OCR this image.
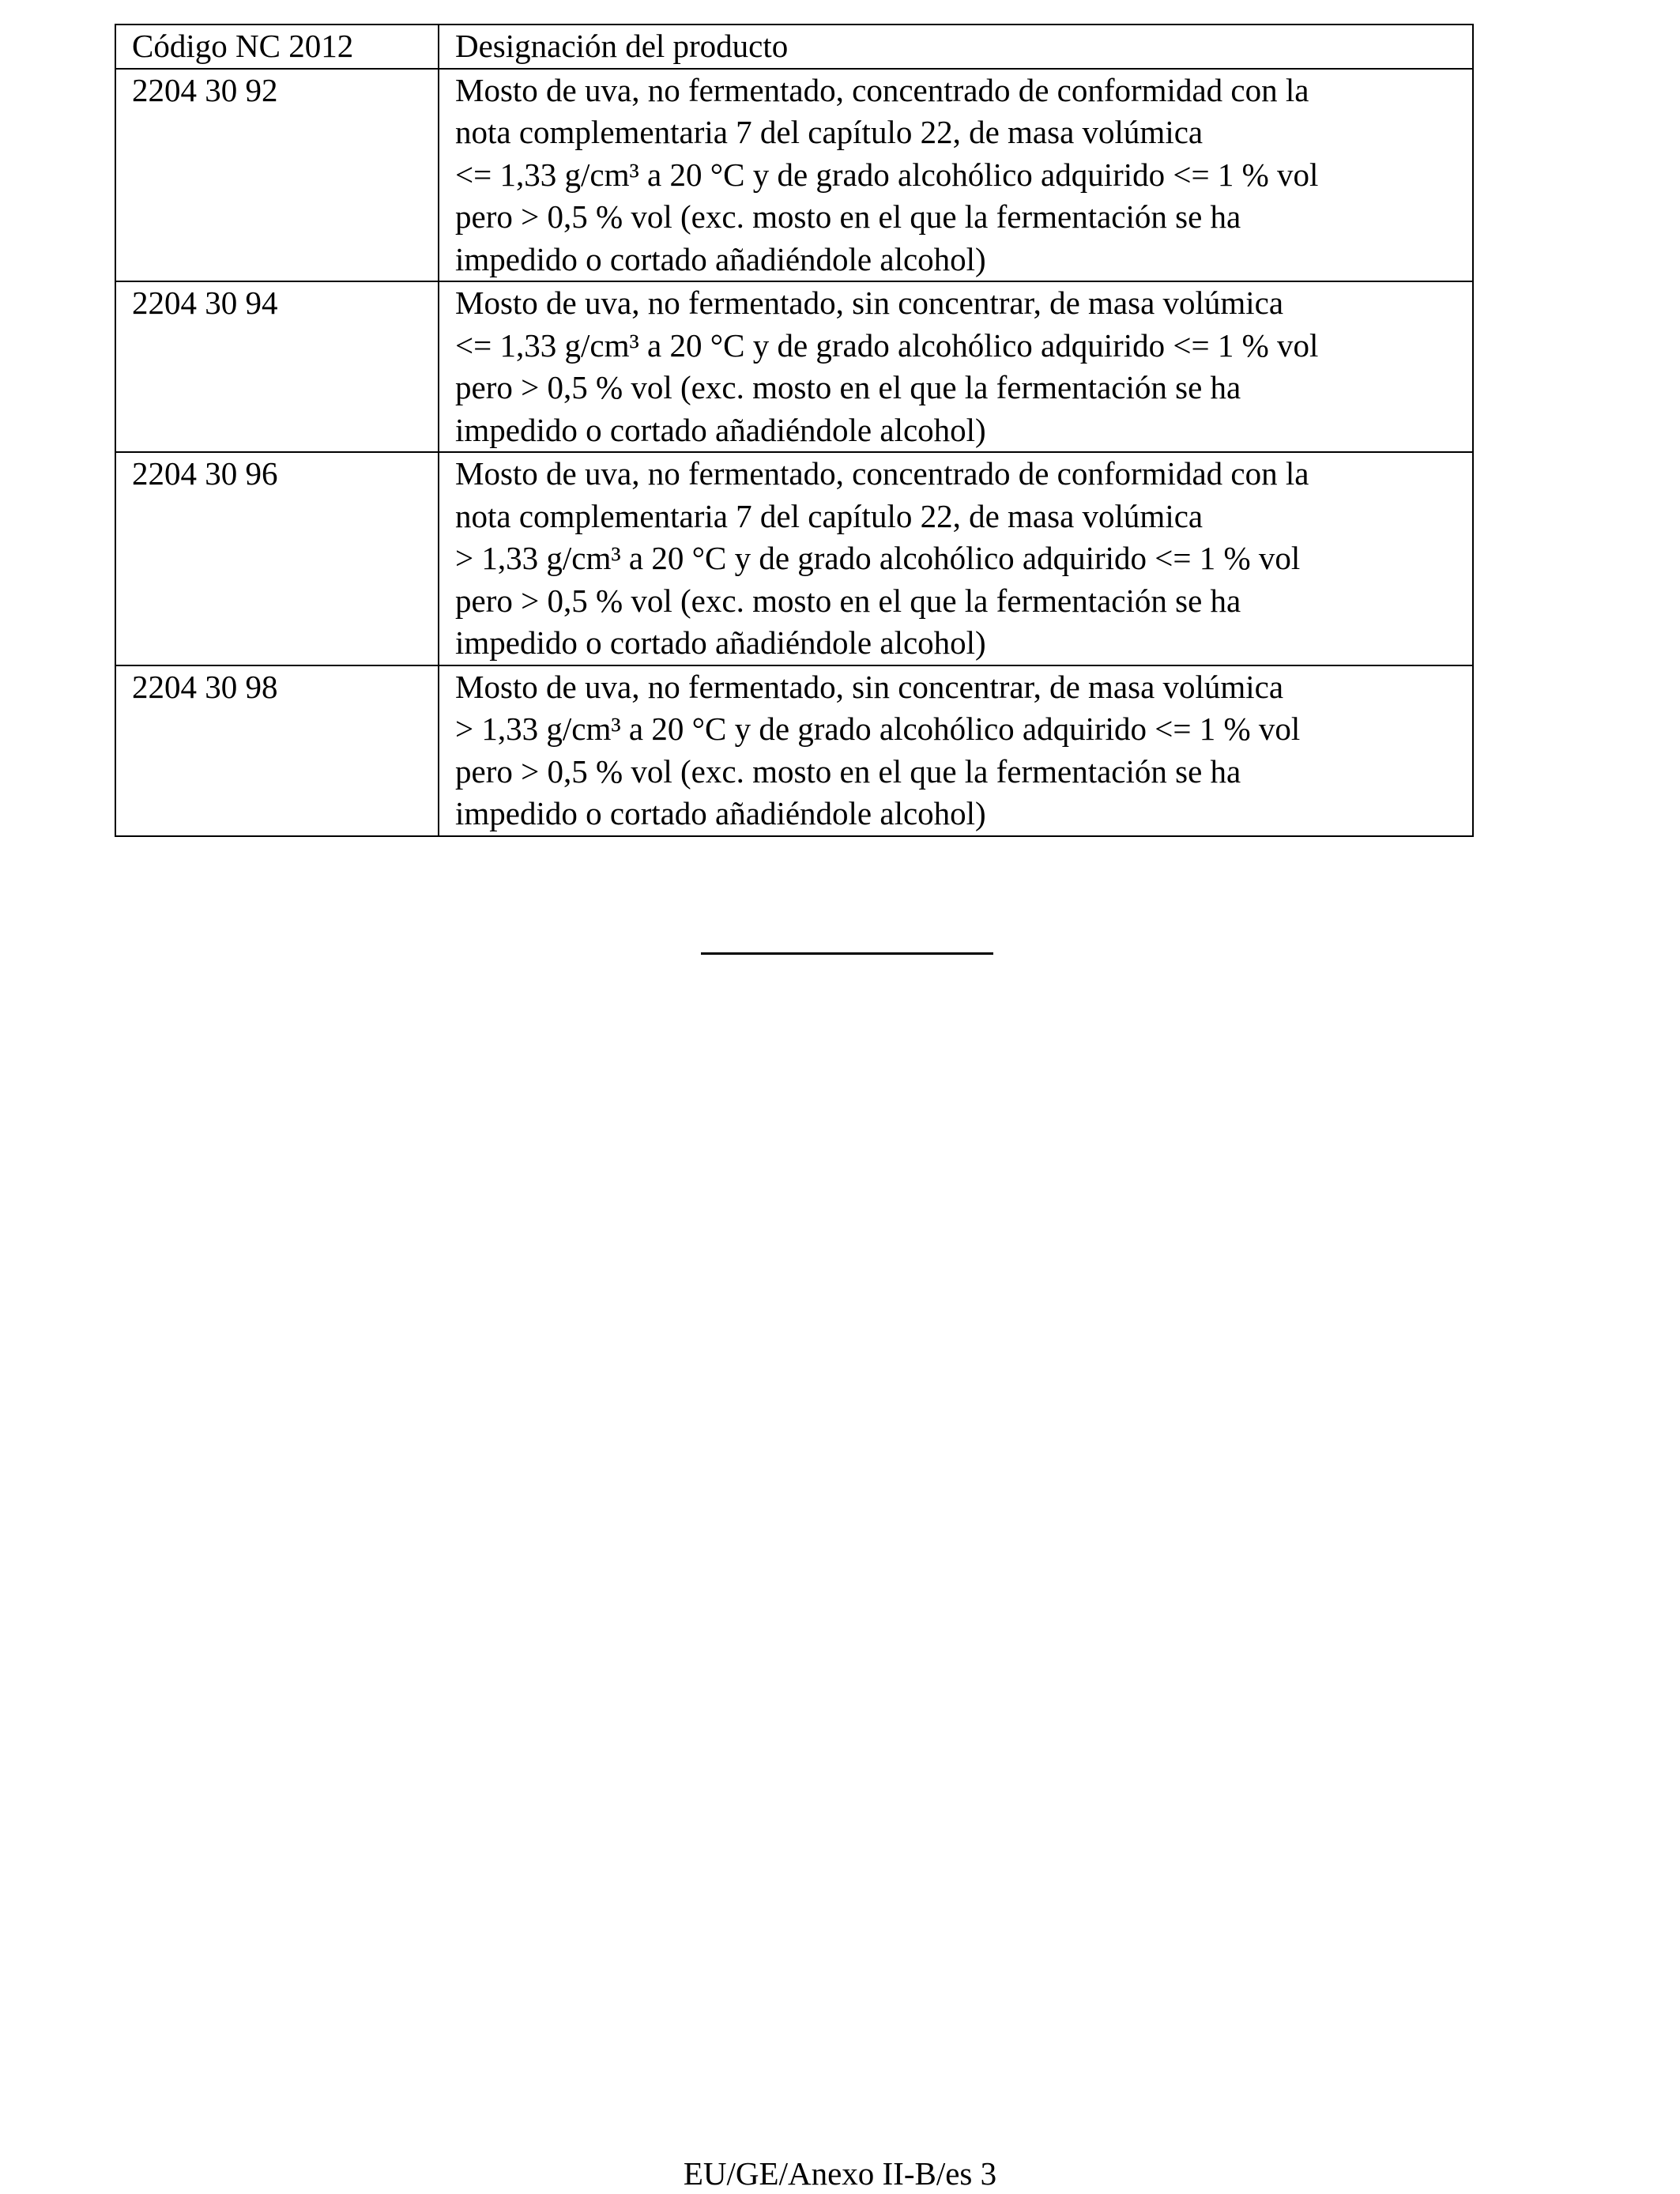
Código NC 2012	Designación del producto
2204 30 92	Mosto de uva, no fermentado, concentrado de conformidad con la
nota complementaria 7 del capítulo 22, de masa volúmica
<= 1,33 g/cm³ a 20 °C y de grado alcohólico adquirido <= 1 % vol
pero > 0,5 % vol (exc. mosto en el que la fermentación se ha
impedido o cortado añadiéndole alcohol)

2204 30 94	Mosto de uva, no fermentado, sin concentrar, de masa volúmica
<= 1,33 g/cm³ a 20 °C y de grado alcohólico adquirido <= 1 % vol
pero > 0,5 % vol (exc. mosto en el que la fermentación se ha
impedido o cortado añadiéndole alcohol)

2204 30 96	Mosto de uva, no fermentado, concentrado de conformidad con la
nota complementaria 7 del capítulo 22, de masa volúmica
> 1,33 g/cm³ a 20 °C y de grado alcohólico adquirido <= 1 % vol
pero > 0,5 % vol (exc. mosto en el que la fermentación se ha
impedido o cortado añadiéndole alcohol)

2204 30 98	Mosto de uva, no fermentado, sin concentrar, de masa volúmica
> 1,33 g/cm³ a 20 °C y de grado alcohólico adquirido <= 1 % vol
pero > 0,5 % vol (exc. mosto en el que la fermentación se ha
impedido o cortado añadiéndole alcohol)
EU/GE/Anexo II-B/es 3
